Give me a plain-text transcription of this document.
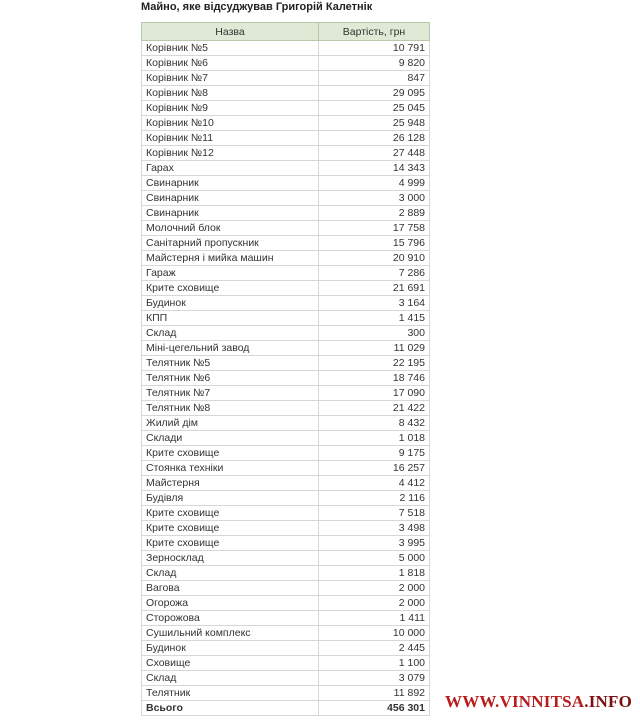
Майно, яке відсуджував Григорій Калетнік
Назва	Вартість, грн
Корівник №5	10 791
Корівник №6	9 820
Корівник №7	847
Корівник №8	29 095
Корівник №9	25 045
Корівник №10	25 948
Корівник №11	26 128
Корівник №12	27 448
Гарах	14 343
Свинарник	4 999
Свинарник	3 000
Свинарник	2 889
Молочний блок	17 758
Санітарний пропускник	15 796
Майстерня і мийка машин	20 910
Гараж	7 286
Крите сховище	21 691
Будинок	3 164
КПП	1 415
Склад	300
Міні-цегельний завод	11 029
Телятник №5	22 195
Телятник №6	18 746
Телятник №7	17 090
Телятник №8	21 422
Жилий дім	8 432
Склади	1 018
Крите сховище	9 175
Стоянка техніки	16 257
Майстерня	4 412
Будівля	2 116
Крите сховище	7 518
Крите сховище	3 498
Крите сховище	3 995
Зерносклад	5 000
Склад	1 818
Вагова	2 000
Огорожа	2 000
Сторожова	1 411
Сушильний комплекс	10 000
Будинок	2 445
Сховище	1 100
Склад	3 079
Телятник	11 892
Всього	456 301 WWW.VINNITSA.INFO
